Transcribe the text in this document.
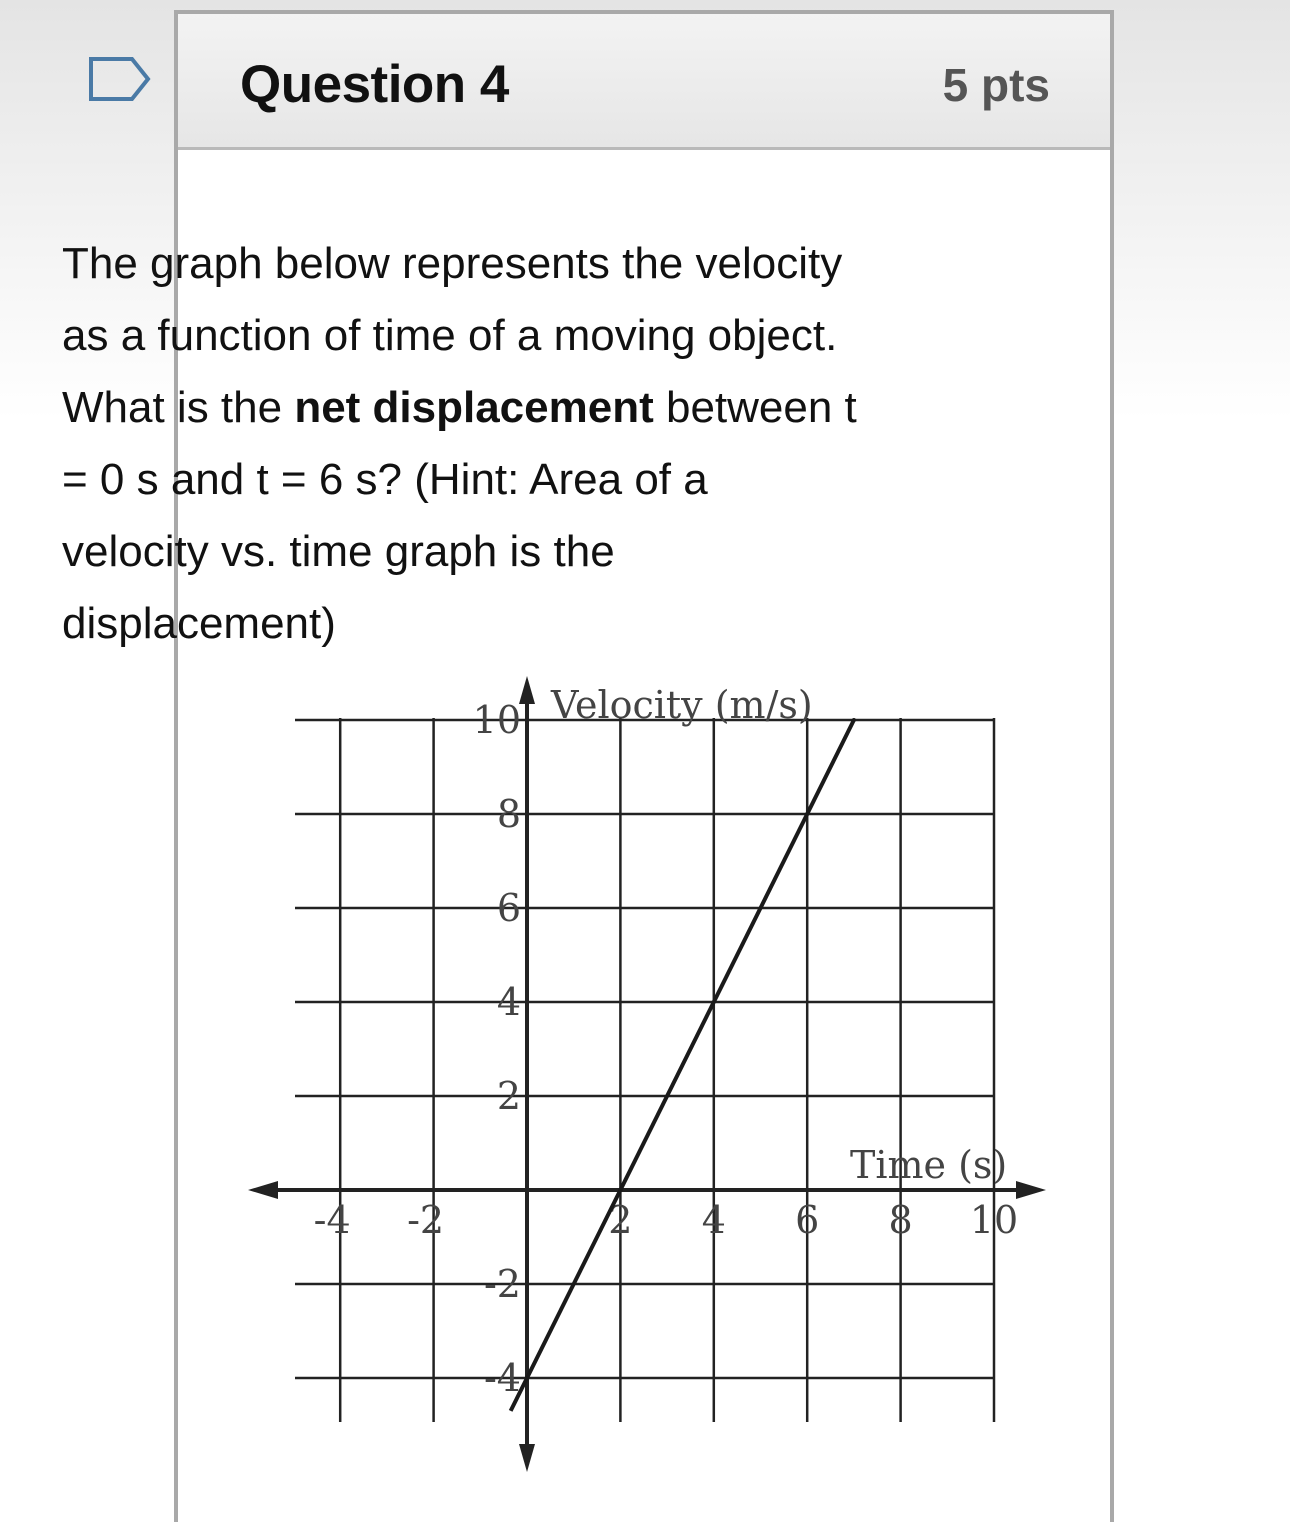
Question 4	5 pts
The graph below represents the velocity as a function of time of a moving object. What is the net displacement between t = 0 s and t = 6 s? (Hint: Area of a velocity vs. time graph is the displacement)
-4 -2	2 4 6 8 10
10
8
6
4
2
-2
-4
Velocity (m/s)
Time (s)
